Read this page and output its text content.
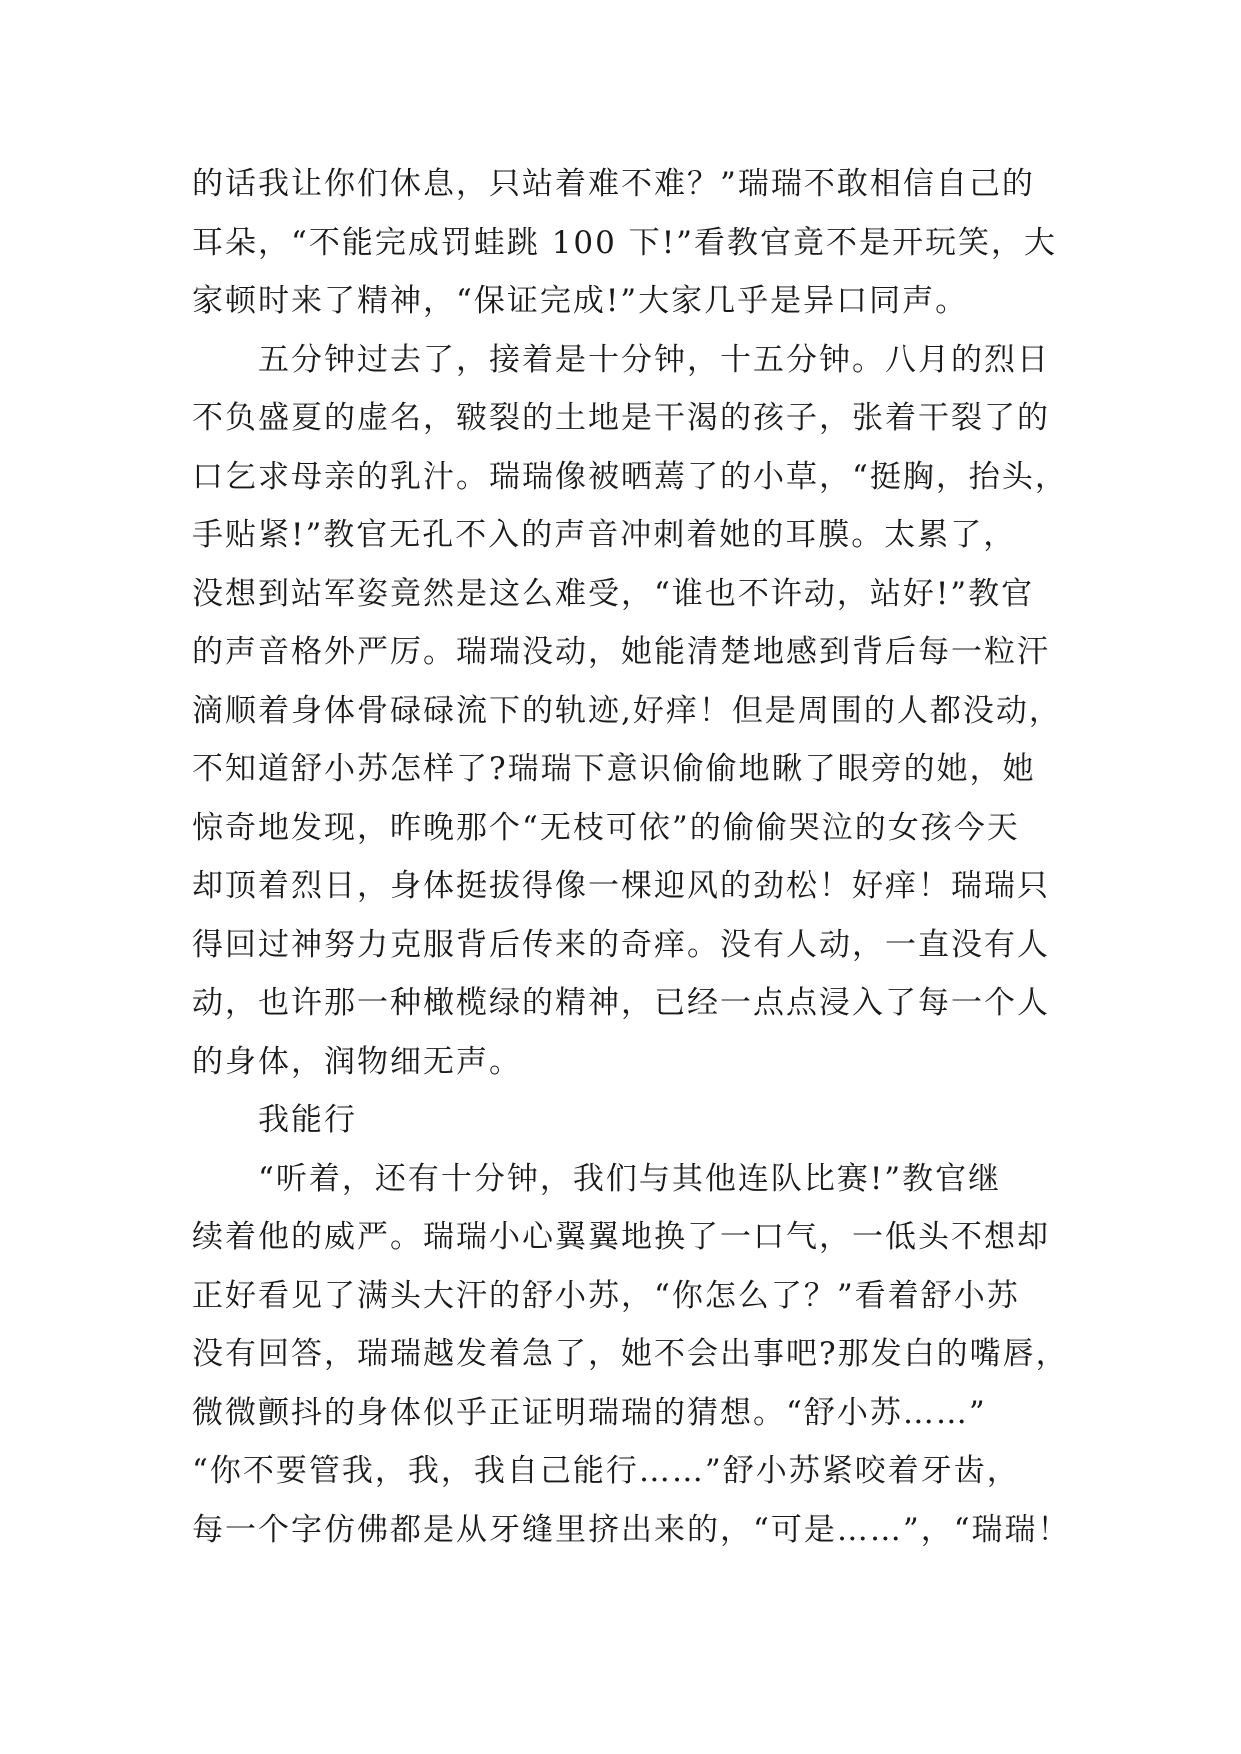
的话我让你们休息，只站着难不难？”瑞瑞不敢相信自己的
耳朵，“不能完成罚蛙跳 100 下!”看教官竟不是开玩笑，大
家顿时来了精神，“保证完成!”大家几乎是异口同声。
　　五分钟过去了，接着是十分钟，十五分钟。八月的烈日
不负盛夏的虚名，皲裂的土地是干渴的孩子，张着干裂了的
口乞求母亲的乳汁。瑞瑞像被晒蔫了的小草，“挺胸，抬头，
手贴紧!”教官无孔不入的声音冲刺着她的耳膜。太累了，
没想到站军姿竟然是这么难受，“谁也不许动，站好!”教官
的声音格外严厉。瑞瑞没动，她能清楚地感到背后每一粒汗
滴顺着身体骨碌碌流下的轨迹,好痒！但是周围的人都没动，
不知道舒小苏怎样了?瑞瑞下意识偷偷地瞅了眼旁的她，她
惊奇地发现，昨晚那个“无枝可依”的偷偷哭泣的女孩今天
却顶着烈日，身体挺拔得像一棵迎风的劲松！好痒！瑞瑞只
得回过神努力克服背后传来的奇痒。没有人动，一直没有人
动，也许那一种橄榄绿的精神，已经一点点浸入了每一个人
的身体，润物细无声。
　　我能行
　　“听着，还有十分钟，我们与其他连队比赛!”教官继
续着他的威严。瑞瑞小心翼翼地换了一口气，一低头不想却
正好看见了满头大汗的舒小苏，“你怎么了？”看着舒小苏
没有回答，瑞瑞越发着急了，她不会出事吧?那发白的嘴唇，
微微颤抖的身体似乎正证明瑞瑞的猜想。“舒小苏……”
“你不要管我，我，我自己能行……”舒小苏紧咬着牙齿，
每一个字仿佛都是从牙缝里挤出来的，“可是……”，“瑞瑞！
